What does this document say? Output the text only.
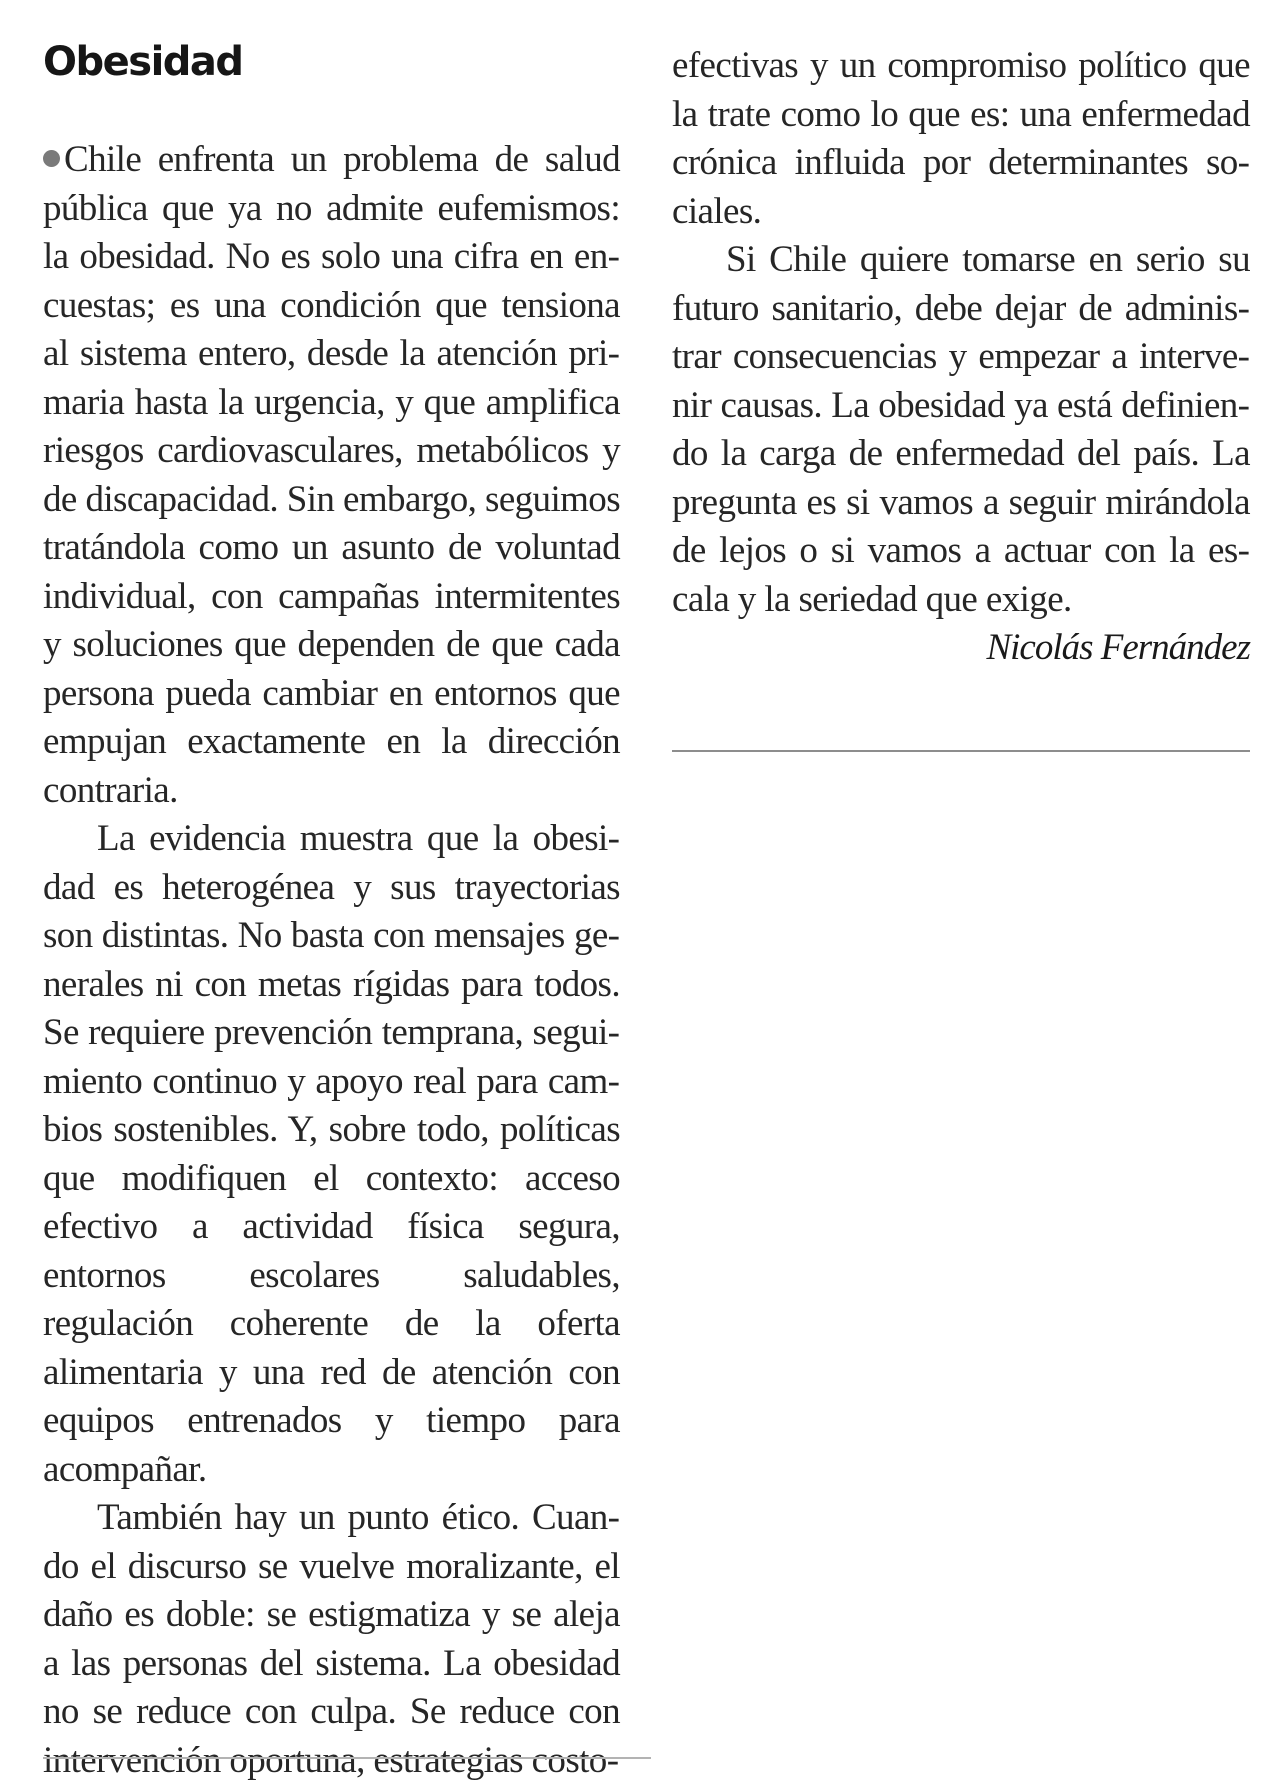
Obesidad

Chile enfrenta un problema de salud pública que ya no admite eufemismos: la obesidad. No es solo una cifra en encuestas; es una condición que tensiona al sistema entero, desde la atención primaria hasta la urgencia, y que amplifica riesgos cardiovasculares, metabólicos y de discapacidad. Sin embargo, seguimos tratándola como un asunto de voluntad individual, con campañas intermitentes y soluciones que dependen de que cada persona pueda cambiar en entornos que empujan exactamente en la dirección contraria.

La evidencia muestra que la obesidad es heterogénea y sus trayectorias son distintas. No basta con mensajes generales ni con metas rígidas para todos. Se requiere prevención temprana, seguimiento continuo y apoyo real para cambios sostenibles. Y, sobre todo, políticas que modifiquen el contexto: acceso efectivo a actividad física segura, entornos escolares saludables, regulación coherente de la oferta alimentaria y una red de atención con equipos entrenados y tiempo para acompañar.

También hay un punto ético. Cuando el discurso se vuelve moralizante, el daño es doble: se estigmatiza y se aleja a las personas del sistema. La obesidad no se reduce con culpa. Se reduce con intervención oportuna, estrategias costo-

efectivas y un compromiso político que la trate como lo que es: una enfermedad crónica influida por determinantes sociales.

Si Chile quiere tomarse en serio su futuro sanitario, debe dejar de administrar consecuencias y empezar a intervenir causas. La obesidad ya está definiendo la carga de enfermedad del país. La pregunta es si vamos a seguir mirándola de lejos o si vamos a actuar con la escala y la seriedad que exige.

Nicolás Fernández
